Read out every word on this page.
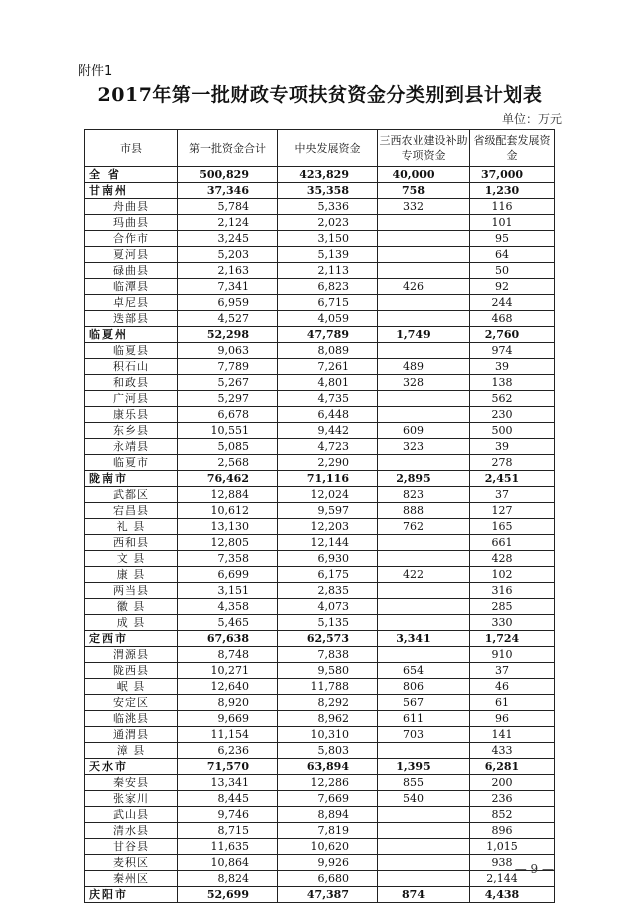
附件1
2017年第一批财政专项扶贫资金分类别到县计划表
单位：万元
市县	第一批资金合计	中央发展资金	三西农业建设补助专项资金	省级配套发展资金
全 省	500,829	423,829	40,000	37,000
甘南州	37,346	35,358	758	1,230
舟曲县	5,784	5,336	332	116
玛曲县	2,124	2,023		101
合作市	3,245	3,150		95
夏河县	5,203	5,139		64
碌曲县	2,163	2,113		50
临潭县	7,341	6,823	426	92
卓尼县	6,959	6,715		244
迭部县	4,527	4,059		468
临夏州	52,298	47,789	1,749	2,760
临夏县	9,063	8,089		974
积石山	7,789	7,261	489	39
和政县	5,267	4,801	328	138
广河县	5,297	4,735		562
康乐县	6,678	6,448		230
东乡县	10,551	9,442	609	500
永靖县	5,085	4,723	323	39
临夏市	2,568	2,290		278
陇南市	76,462	71,116	2,895	2,451
武都区	12,884	12,024	823	37
宕昌县	10,612	9,597	888	127
礼 县	13,130	12,203	762	165
西和县	12,805	12,144		661
文 县	7,358	6,930		428
康 县	6,699	6,175	422	102
两当县	3,151	2,835		316
徽 县	4,358	4,073		285
成 县	5,465	5,135		330
定西市	67,638	62,573	3,341	1,724
渭源县	8,748	7,838		910
陇西县	10,271	9,580	654	37
岷 县	12,640	11,788	806	46
安定区	8,920	8,292	567	61
临洮县	9,669	8,962	611	96
通渭县	11,154	10,310	703	141
漳 县	6,236	5,803		433
天水市	71,570	63,894	1,395	6,281
秦安县	13,341	12,286	855	200
张家川	8,445	7,669	540	236
武山县	9,746	8,894		852
清水县	8,715	7,819		896
甘谷县	11,635	10,620		1,015
麦积区	10,864	9,926		938
秦州区	8,824	6,680		2,144
庆阳市	52,699	47,387	874	4,438
— 9 —
